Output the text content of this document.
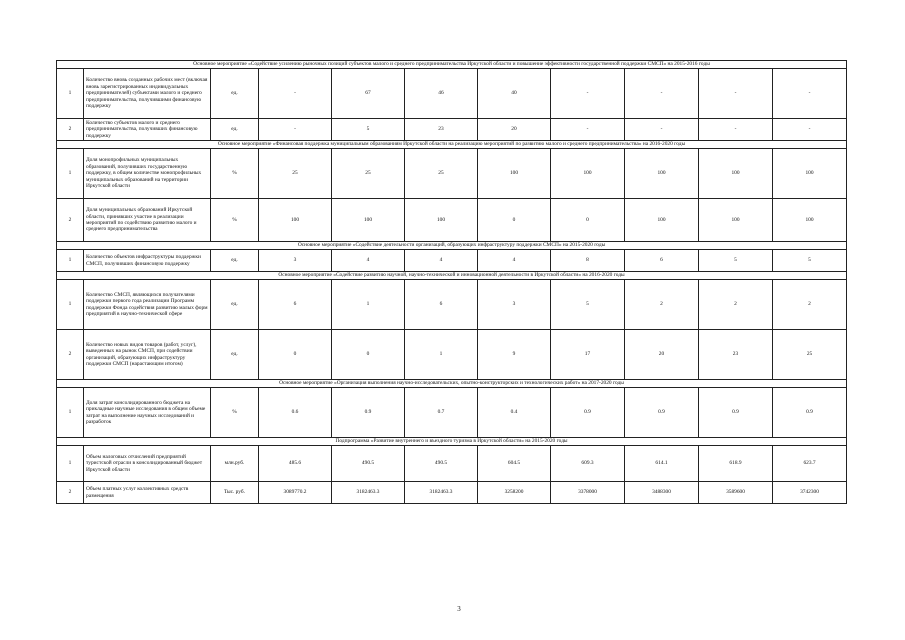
Основное мероприятие «Содействие усилению рыночных позиций субъектов малого и среднего предпринимательства Иркутской области и повышение эффективности государственной поддержки СМСП» на 2015-2016 годы										
1	Количество вновь созданных рабочих мест (включая вновь зарегистрированных индивидуальных предпринимателей) субъектами малого и среднего предпринимательства, получившими финансовую поддержку	ед.	-	67	46	40	-	-	-	-
2	Количество субъектов малого и среднего предпринимательства, получивших финансовую поддержку	ед.	-	5	23	20	-	-	-	-
Основное мероприятие «Финансовая поддержка муниципальным образованиям Иркутской области на реализацию мероприятий по развитию малого и среднего предпринимательства» на 2016-2020 годы										
1	Доля монопрофильных муниципальных образований, получивших государственную поддержку, в общем количестве монопрофильных муниципальных образований на территории Иркутской области	%	25	25	25	100	100	100	100	100
2	Доля муниципальных образований Иркутской области, принявших участие в реализации мероприятий по содействию развитию малого и среднего предпринимательства	%	100	100	100	0	0	100	100	100
Основное мероприятие «Содействие деятельности организаций, образующих инфраструктуру поддержки СМСП» на 2015-2020 годы										
1	Количество объектов инфраструктуры поддержки СМСП, получивших финансовую поддержку	ед.	3	4	4	4	8	6	5	5
Основное мероприятие «Содействие развитию научной, научно-технической и инновационной деятельности в Иркутской области» на 2016-2020 годы										
1	Количество СМСП, являющихся получателями поддержки первого года реализации Программ поддержки Фонда содействия развитию малых форм предприятий в научно-технической сфере	ед.	6	1	6	3	5	2	2	2
2	Количество новых видов товаров (работ, услуг), выведенных на рынок СМСП, при содействии организаций, образующих инфраструктуру поддержки СМСП (нарастающим итогом)	ед.	0	0	1	9	17	20	23	25
Основное мероприятие «Организация выполнения научно-исследовательских, опытно-конструкторских и технологических работ» на 2017-2020 годы										
1	Доля затрат консолидированного бюджета на прикладные научные исследования в общем объеме затрат на выполнение научных исследований и разработок	%	0.6	0.9	0.7	0.4	0.9	0.9	0.9	0.9
Подпрограмма «Развитие внутреннего и въездного туризма в Иркутской области» на 2015-2020 годы										
1	Объем налоговых отчислений предприятий туристской отрасли в консолидированный бюджет Иркутской области	млн.руб.	485.6	490.5	490.5	604.5	609.3	614.1	618.9	623.7
2	Объем платных услуг коллективных средств размещения	Тыс. руб.	3089770.2	3182463.3	3182463.3	3258200	3378000	3488300	3589600	3742300
3
